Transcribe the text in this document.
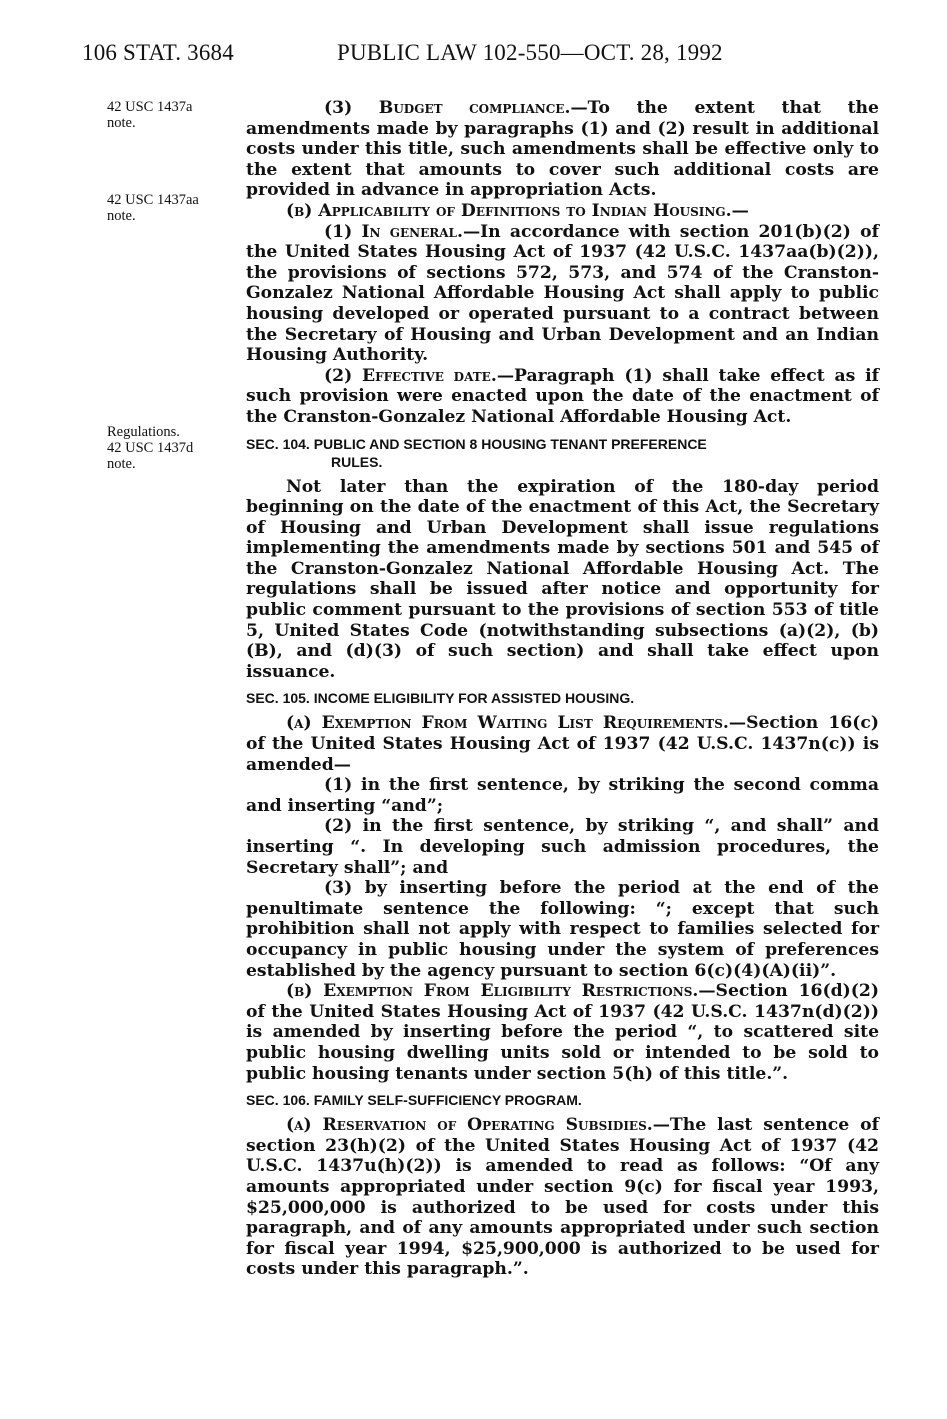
106 STAT. 3684	PUBLIC LAW 102-550—OCT. 28, 1992
42 USC 1437a
note.
42 USC 1437aa
note.
Regulations.
42 USC 1437d
note.

(3) Budget compliance.—To the extent that the amendments made by paragraphs (1) and (2) result in additional costs under this title, such amendments shall be effective only to the extent that amounts to cover such additional costs are provided in advance in appropriation Acts.

(b) Applicability of Definitions to Indian Housing.—

(1) In general.—In accordance with section 201(b)(2) of the United States Housing Act of 1937 (42 U.S.C. 1437aa(b)(2)), the provisions of sections 572, 573, and 574 of the Cranston-Gonzalez National Affordable Housing Act shall apply to public housing developed or operated pursuant to a contract between the Secretary of Housing and Urban Development and an Indian Housing Authority.

(2) Effective date.—Paragraph (1) shall take effect as if such provision were enacted upon the date of the enactment of the Cranston-Gonzalez National Affordable Housing Act.

SEC. 104. PUBLIC AND SECTION 8 HOUSING TENANT PREFERENCE
RULES.

Not later than the expiration of the 180-day period beginning on the date of the enactment of this Act, the Secretary of Housing and Urban Development shall issue regulations implementing the amendments made by sections 501 and 545 of the Cranston-Gonzalez National Affordable Housing Act. The regulations shall be issued after notice and opportunity for public comment pursuant to the provisions of section 553 of title 5, United States Code (notwithstanding subsections (a)(2), (b)(B), and (d)(3) of such section) and shall take effect upon issuance.

SEC. 105. INCOME ELIGIBILITY FOR ASSISTED HOUSING.

(a) Exemption From Waiting List Requirements.—Section 16(c) of the United States Housing Act of 1937 (42 U.S.C. 1437n(c)) is amended—

(1) in the first sentence, by striking the second comma and inserting “and”;

(2) in the first sentence, by striking “, and shall” and inserting “. In developing such admission procedures, the Secretary shall”; and

(3) by inserting before the period at the end of the penultimate sentence the following: “; except that such prohibition shall not apply with respect to families selected for occupancy in public housing under the system of preferences established by the agency pursuant to section 6(c)(4)(A)(ii)”.

(b) Exemption From Eligibility Restrictions.—Section 16(d)(2) of the United States Housing Act of 1937 (42 U.S.C. 1437n(d)(2)) is amended by inserting before the period “, to scattered site public housing dwelling units sold or intended to be sold to public housing tenants under section 5(h) of this title.”.

SEC. 106. FAMILY SELF-SUFFICIENCY PROGRAM.

(a) Reservation of Operating Subsidies.—The last sentence of section 23(h)(2) of the United States Housing Act of 1937 (42 U.S.C. 1437u(h)(2)) is amended to read as follows: “Of any amounts appropriated under section 9(c) for fiscal year 1993, $25,000,000 is authorized to be used for costs under this paragraph, and of any amounts appropriated under such section for fiscal year 1994, $25,900,000 is authorized to be used for costs under this paragraph.”.
